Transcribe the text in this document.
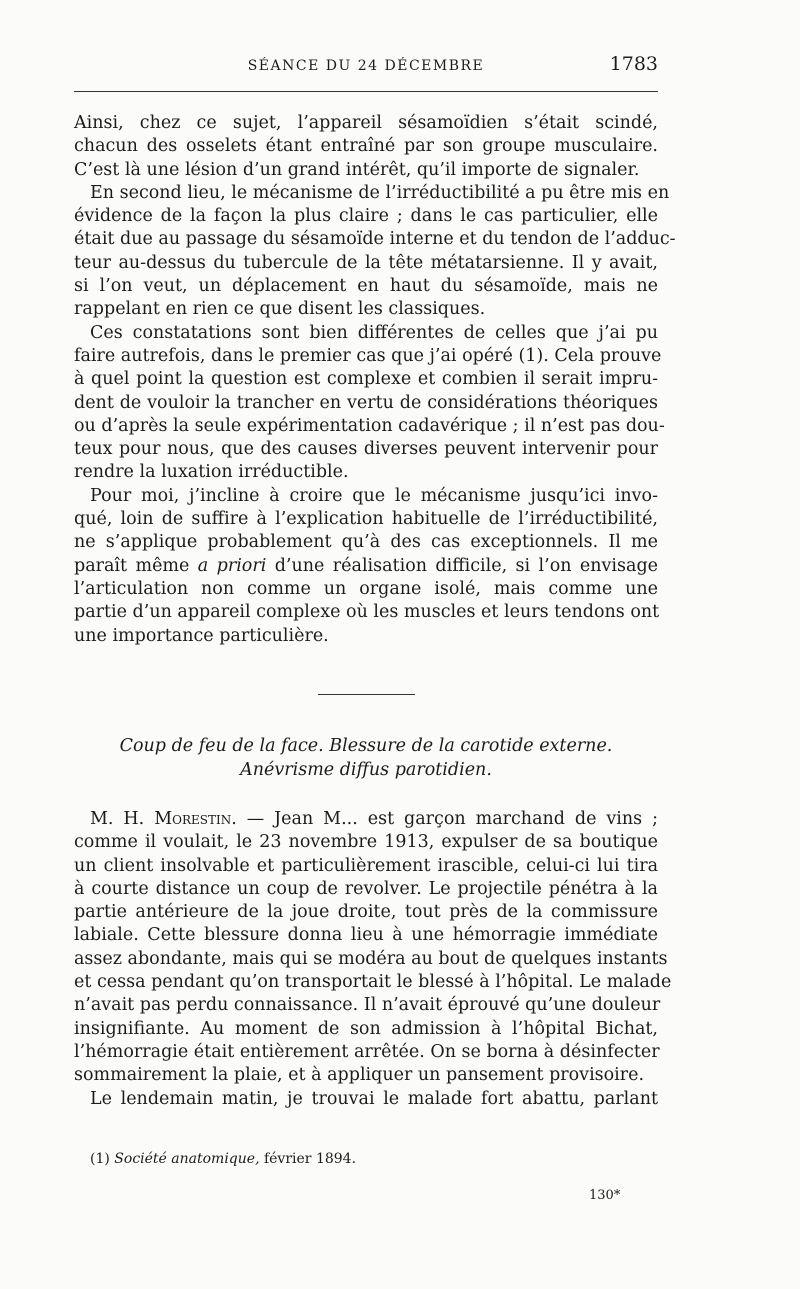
SÉANCE DU 24 DÉCEMBRE	1783
Ainsi, chez ce sujet, l’appareil sésamoïdien s’était scindé,
chacun des osselets étant entraîné par son groupe musculaire.
C’est là une lésion d’un grand intérêt, qu’il importe de signaler.
En second lieu, le mécanisme de l’irréductibilité a pu être mis en
évidence de la façon la plus claire ; dans le cas particulier, elle
était due au passage du sésamoïde interne et du tendon de l’adduc-
teur au-dessus du tubercule de la tête métatarsienne. Il y avait,
si l’on veut, un déplacement en haut du sésamoïde, mais ne
rappelant en rien ce que disent les classiques.
Ces constatations sont bien différentes de celles que j’ai pu
faire autrefois, dans le premier cas que j’ai opéré (1). Cela prouve
à quel point la question est complexe et combien il serait impru-
dent de vouloir la trancher en vertu de considérations théoriques
ou d’après la seule expérimentation cadavérique ; il n’est pas dou-
teux pour nous, que des causes diverses peuvent intervenir pour
rendre la luxation irréductible.
Pour moi, j’incline à croire que le mécanisme jusqu’ici invo-
qué, loin de suffire à l’explication habituelle de l’irréductibilité,
ne s’applique probablement qu’à des cas exceptionnels. Il me
paraît même a priori d’une réalisation difficile, si l’on envisage
l’articulation non comme un organe isolé, mais comme une
partie d’un appareil complexe où les muscles et leurs tendons ont
une importance particulière.
Coup de feu de la face. Blessure de la carotide externe.
Anévrisme diffus parotidien.
M. H. Morestin. — Jean M... est garçon marchand de vins ;
comme il voulait, le 23 novembre 1913, expulser de sa boutique
un client insolvable et particulièrement irascible, celui-ci lui tira
à courte distance un coup de revolver. Le projectile pénétra à la
partie antérieure de la joue droite, tout près de la commissure
labiale. Cette blessure donna lieu à une hémorragie immédiate
assez abondante, mais qui se modéra au bout de quelques instants
et cessa pendant qu’on transportait le blessé à l’hôpital. Le malade
n’avait pas perdu connaissance. Il n’avait éprouvé qu’une douleur
insignifiante. Au moment de son admission à l’hôpital Bichat,
l’hémorragie était entièrement arrêtée. On se borna à désinfecter
sommairement la plaie, et à appliquer un pansement provisoire.
Le lendemain matin, je trouvai le malade fort abattu, parlant
(1) Société anatomique, février 1894.
130*
